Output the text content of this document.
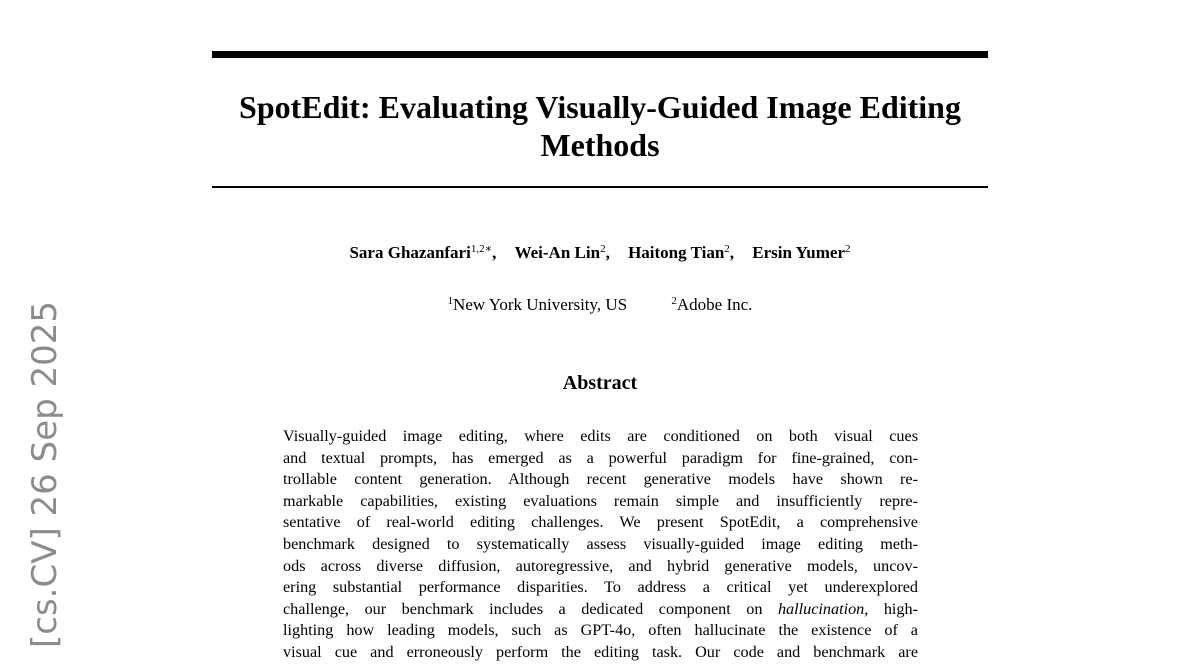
SpotEdit: Evaluating Visually-Guided Image Editing
Methods
Sara Ghazanfari$^{1,2∗}$, Wei-An Lin$^2$, Haitong Tian$^2$, Ersin Yumer$^2$
$^1$New York University, US	$^2$Adobe Inc.
Abstract
Visually-guided image editing, where edits are conditioned on both visual cues
and textual prompts, has emerged as a powerful paradigm for fine-grained, con-
trollable content generation. Although recent generative models have shown re-
markable capabilities, existing evaluations remain simple and insufficiently repre-
sentative of real-world editing challenges. We present SpotEdit, a comprehensive
benchmark designed to systematically assess visually-guided image editing meth-
ods across diverse diffusion, autoregressive, and hybrid generative models, uncov-
ering substantial performance disparities. To address a critical yet underexplored
challenge, our benchmark includes a dedicated component on hallucination, high-
lighting how leading models, such as GPT-4o, often hallucinate the existence of a
visual cue and erroneously perform the editing task. Our code and benchmark are
[cs.CV] 26 Sep 2025
